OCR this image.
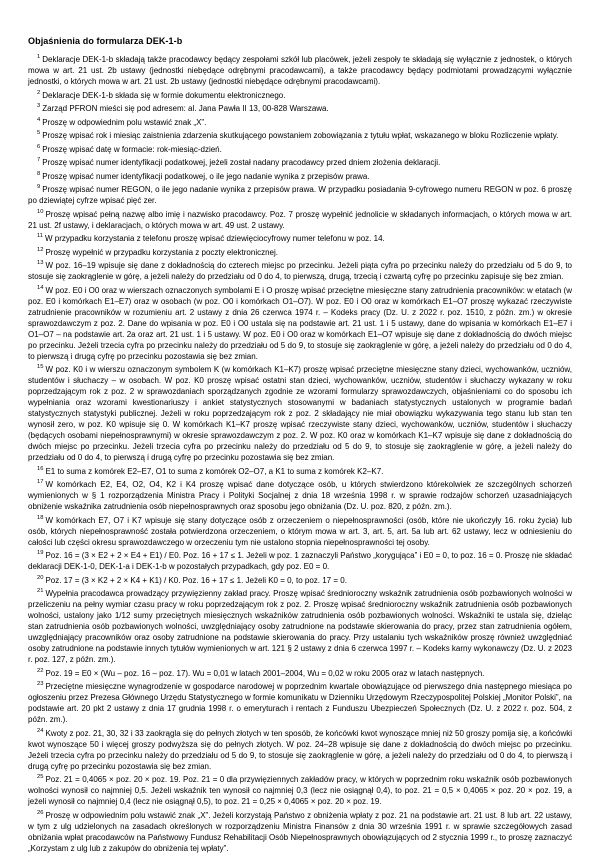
Objaśnienia do formularza DEK-1-b

$^1$ Deklaracje DEK-1-b składają także pracodawcy będący zespołami szkół lub placówek, jeżeli zespoły te składają się wyłącznie z jednostek, o których mowa w art. 21 ust. 2b ustawy (jednostki niebędące odrębnymi pracodawcami), a także pracodawcy będący podmiotami prowadzącymi wyłącznie jednostki, o których mowa w art. 21 ust. 2b ustawy (jednostki niebędące odrębnymi pracodawcami).

$^2$ Deklaracje DEK-1-b składa się w formie dokumentu elektronicznego.

$^3$ Zarząd PFRON mieści się pod adresem: al. Jana Pawła II 13, 00-828 Warszawa.

$^4$ Proszę w odpowiednim polu wstawić znak „X”.

$^5$ Proszę wpisać rok i miesiąc zaistnienia zdarzenia skutkującego powstaniem zobowiązania z tytułu wpłat, wskazanego w bloku Rozliczenie wpłaty.

$^6$ Proszę wpisać datę w formacie: rok-miesiąc-dzień.

$^7$ Proszę wpisać numer identyfikacji podatkowej, jeżeli został nadany pracodawcy przed dniem złożenia deklaracji.

$^8$ Proszę wpisać numer identyfikacji podatkowej, o ile jego nadanie wynika z przepisów prawa.

$^9$ Proszę wpisać numer REGON, o ile jego nadanie wynika z przepisów prawa. W przypadku posiadania 9-cyfrowego numeru REGON w poz. 6 proszę po dziewiątej cyfrze wpisać pięć zer.

$^{10}$ Proszę wpisać pełną nazwę albo imię i nazwisko pracodawcy. Poz. 7 proszę wypełnić jednolicie w składanych informacjach, o których mowa w art. 21 ust. 2f ustawy, i deklaracjach, o których mowa w art. 49 ust. 2 ustawy.

$^{11}$ W przypadku korzystania z telefonu proszę wpisać dziewięciocyfrowy numer telefonu w poz. 14.

$^{12}$ Proszę wypełnić w przypadku korzystania z poczty elektronicznej.

$^{13}$ W poz. 16–19 wpisuje się dane z dokładnością do czterech miejsc po przecinku. Jeżeli piąta cyfra po przecinku należy do przedziału od 5 do 9, to stosuje się zaokrąglenie w górę, a jeżeli należy do przedziału od 0 do 4, to pierwszą, drugą, trzecią i czwartą cyfrę po przecinku zapisuje się bez zmian.

$^{14}$ W poz. E0 i O0 oraz w wierszach oznaczonych symbolami E i O proszę wpisać przeciętne miesięczne stany zatrudnienia pracowników: w etatach (w poz. E0 i komórkach E1–E7) oraz w osobach (w poz. O0 i komórkach O1–O7). W poz. E0 i O0 oraz w komórkach E1–O7 proszę wykazać rzeczywiste zatrudnienie pracowników w rozumieniu art. 2 ustawy z dnia 26 czerwca 1974 r. – Kodeks pracy (Dz. U. z 2022 r. poz. 1510, z późn. zm.) w okresie sprawozdawczym z poz. 2. Dane do wpisania w poz. E0 i O0 ustala się na podstawie art. 21 ust. 1 i 5 ustawy, dane do wpisania w komórkach E1–E7 i O1–O7 – na podstawie art. 2a oraz art. 21 ust. 1 i 5 ustawy. W poz. E0 i O0 oraz w komórkach E1–O7 wpisuje się dane z dokładnością do dwóch miejsc po przecinku. Jeżeli trzecia cyfra po przecinku należy do przedziału od 5 do 9, to stosuje się zaokrąglenie w górę, a jeżeli należy do przedziału od 0 do 4, to pierwszą i drugą cyfrę po przecinku pozostawia się bez zmian.

$^{15}$ W poz. K0 i w wierszu oznaczonym symbolem K (w komórkach K1–K7) proszę wpisać przeciętne miesięczne stany dzieci, wychowanków, uczniów, studentów i słuchaczy – w osobach. W poz. K0 proszę wpisać ostatni stan dzieci, wychowanków, uczniów, studentów i słuchaczy wykazany w roku poprzedzającym rok z poz. 2 w sprawozdaniach sporządzanych zgodnie ze wzorami formularzy sprawozdawczych, objaśnieniami co do sposobu ich wypełniania oraz wzorami kwestionariuszy i ankiet statystycznych stosowanymi w badaniach statystycznych ustalonych w programie badań statystycznych statystyki publicznej. Jeżeli w roku poprzedzającym rok z poz. 2 składający nie miał obowiązku wykazywania tego stanu lub stan ten wynosił zero, w poz. K0 wpisuje się 0. W komórkach K1–K7 proszę wpisać rzeczywiste stany dzieci, wychowanków, uczniów, studentów i słuchaczy (będących osobami niepełnosprawnymi) w okresie sprawozdawczym z poz. 2. W poz. K0 oraz w komórkach K1–K7 wpisuje się dane z dokładnością do dwóch miejsc po przecinku. Jeżeli trzecia cyfra po przecinku należy do przedziału od 5 do 9, to stosuje się zaokrąglenie w górę, a jeżeli należy do przedziału od 0 do 4, to pierwszą i drugą cyfrę po przecinku pozostawia się bez zmian.

$^{16}$ E1 to suma z komórek E2–E7, O1 to suma z komórek O2–O7, a K1 to suma z komórek K2–K7.

$^{17}$ W komórkach E2, E4, O2, O4, K2 i K4 proszę wpisać dane dotyczące osób, u których stwierdzono którekolwiek ze szczególnych schorzeń wymienionych w § 1 rozporządzenia Ministra Pracy i Polityki Socjalnej z dnia 18 września 1998 r. w sprawie rodzajów schorzeń uzasadniających obniżenie wskaźnika zatrudnienia osób niepełnosprawnych oraz sposobu jego obniżania (Dz. U. poz. 820, z późn. zm.).

$^{18}$ W komórkach E7, O7 i K7 wpisuje się stany dotyczące osób z orzeczeniem o niepełnosprawności (osób, które nie ukończyły 16. roku życia) lub osób, których niepełnosprawność została potwierdzona orzeczeniem, o którym mowa w art. 3, art. 5, art. 5a lub art. 62 ustawy, lecz w odniesieniu do całości lub części okresu sprawozdawczego w orzeczeniu tym nie ustalono stopnia niepełnosprawności tej osoby.

$^{19}$ Poz. 16 = (3 × E2 + 2 × E4 + E1) / E0. Poz. 16 + 17 ≤ 1. Jeżeli w poz. 1 zaznaczyli Państwo „korygująca” i E0 = 0, to poz. 16 = 0. Proszę nie składać deklaracji DEK-1-0, DEK-1-a i DEK-1-b w pozostałych przypadkach, gdy poz. E0 = 0.

$^{20}$ Poz. 17 = (3 × K2 + 2 × K4 + K1) / K0. Poz. 16 + 17 ≤ 1. Jeżeli K0 = 0, to poz. 17 = 0.

$^{21}$ Wypełnia pracodawca prowadzący przywięzienny zakład pracy. Proszę wpisać średnioroczny wskaźnik zatrudnienia osób pozbawionych wolności w przeliczeniu na pełny wymiar czasu pracy w roku poprzedzającym rok z poz. 2. Proszę wpisać średnioroczny wskaźnik zatrudnienia osób pozbawionych wolności, ustalony jako 1/12 sumy przeciętnych miesięcznych wskaźników zatrudnienia osób pozbawionych wolności. Wskaźniki te ustala się, dzieląc stan zatrudnienia osób pozbawionych wolności, uwzględniający osoby zatrudnione na podstawie skierowania do pracy, przez stan zatrudnienia ogółem, uwzględniający pracowników oraz osoby zatrudnione na podstawie skierowania do pracy. Przy ustalaniu tych wskaźników proszę również uwzględniać osoby zatrudnione na podstawie innych tytułów wymienionych w art. 121 § 2 ustawy z dnia 6 czerwca 1997 r. – Kodeks karny wykonawczy (Dz. U. z 2023 r. poz. 127, z późn. zm.).

$^{22}$ Poz. 19 = E0 × (Wu – poz. 16 – poz. 17). Wu = 0,01 w latach 2001–2004, Wu = 0,02 w roku 2005 oraz w latach następnych.

$^{23}$ Przeciętne miesięczne wynagrodzenie w gospodarce narodowej w poprzednim kwartale obowiązujące od pierwszego dnia następnego miesiąca po ogłoszeniu przez Prezesa Głównego Urzędu Statystycznego w formie komunikatu w Dzienniku Urzędowym Rzeczypospolitej Polskiej „Monitor Polski”, na podstawie art. 20 pkt 2 ustawy z dnia 17 grudnia 1998 r. o emeryturach i rentach z Funduszu Ubezpieczeń Społecznych (Dz. U. z 2022 r. poz. 504, z późn. zm.).

$^{24}$ Kwoty z poz. 21, 30, 32 i 33 zaokrągla się do pełnych złotych w ten sposób, że końcówki kwot wynoszące mniej niż 50 groszy pomija się, a końcówki kwot wynoszące 50 i więcej groszy podwyższa się do pełnych złotych. W poz. 24–28 wpisuje się dane z dokładnością do dwóch miejsc po przecinku. Jeżeli trzecia cyfra po przecinku należy do przedziału od 5 do 9, to stosuje się zaokrąglenie w górę, a jeżeli należy do przedziału od 0 do 4, to pierwszą i drugą cyfrę po przecinku pozostawia się bez zmian.

$^{25}$ Poz. 21 = 0,4065 × poz. 20 × poz. 19. Poz. 21 = 0 dla przywięziennych zakładów pracy, w których w poprzednim roku wskaźnik osób pozbawionych wolności wynosił co najmniej 0,5. Jeżeli wskaźnik ten wynosił co najmniej 0,3 (lecz nie osiągnął 0,4), to poz. 21 = 0,5 × 0,4065 × poz. 20 × poz. 19, a jeżeli wynosił co najmniej 0,4 (lecz nie osiągnął 0,5), to poz. 21 = 0,25 × 0,4065 × poz. 20 × poz. 19.

$^{26}$ Proszę w odpowiednim polu wstawić znak „X”. Jeżeli korzystają Państwo z obniżenia wpłaty z poz. 21 na podstawie art. 21 ust. 8 lub art. 22 ustawy, w tym z ulg udzielonych na zasadach określonych w rozporządzeniu Ministra Finansów z dnia 30 września 1991 r. w sprawie szczegółowych zasad obniżania wpłat pracodawców na Państwowy Fundusz Rehabilitacji Osób Niepełnosprawnych obowiązujących od 2 stycznia 1999 r., to proszę zaznaczyć „Korzystam z ulg lub z zakupów do obniżenia tej wpłaty”.
